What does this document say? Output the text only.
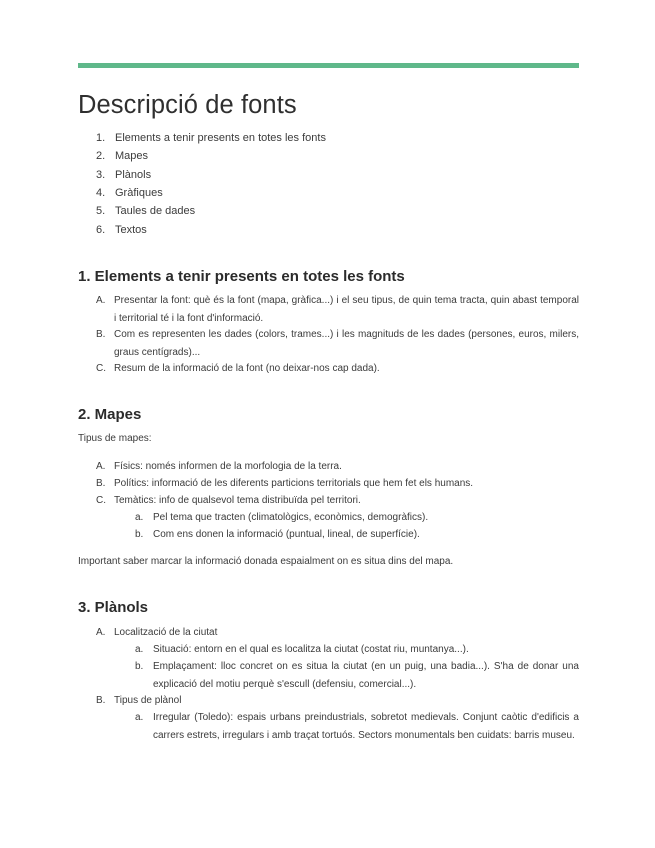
Descripció de fonts
1. Elements a tenir presents en totes les fonts
2. Mapes
3. Plànols
4. Gràfiques
5. Taules de dades
6. Textos
1. Elements a tenir presents en totes les fonts
A. Presentar la font: què és la font (mapa, gràfica...) i el seu tipus, de quin tema tracta, quin abast temporal i territorial té i la font d'informació.
B. Com es representen les dades (colors, trames...) i les magnituds de les dades (persones, euros, milers, graus centígrads)...
C. Resum de la informació de la font (no deixar-nos cap dada).
2. Mapes
Tipus de mapes:
A. Físics: només informen de la morfologia de la terra.
B. Polítics: informació de les diferents particions territorials que hem fet els humans.
C. Temàtics: info de qualsevol tema distribuïda pel territori.
a. Pel tema que tracten (climatològics, econòmics, demogràfics).
b. Com ens donen la informació (puntual, lineal, de superfície).
Important saber marcar la informació donada espaialment on es situa dins del mapa.
3. Plànols
A. Localització de la ciutat
a. Situació: entorn en el qual es localitza la ciutat (costat riu, muntanya...).
b. Emplaçament: lloc concret on es situa la ciutat (en un puig, una badia...). S'ha de donar una explicació del motiu perquè s'escull (defensiu, comercial...).
B. Tipus de plànol
a. Irregular (Toledo): espais urbans preindustrials, sobretot medievals. Conjunt caòtic d'edificis a carrers estrets, irregulars i amb traçat tortuós. Sectors monumentals ben cuidats: barris museu.
